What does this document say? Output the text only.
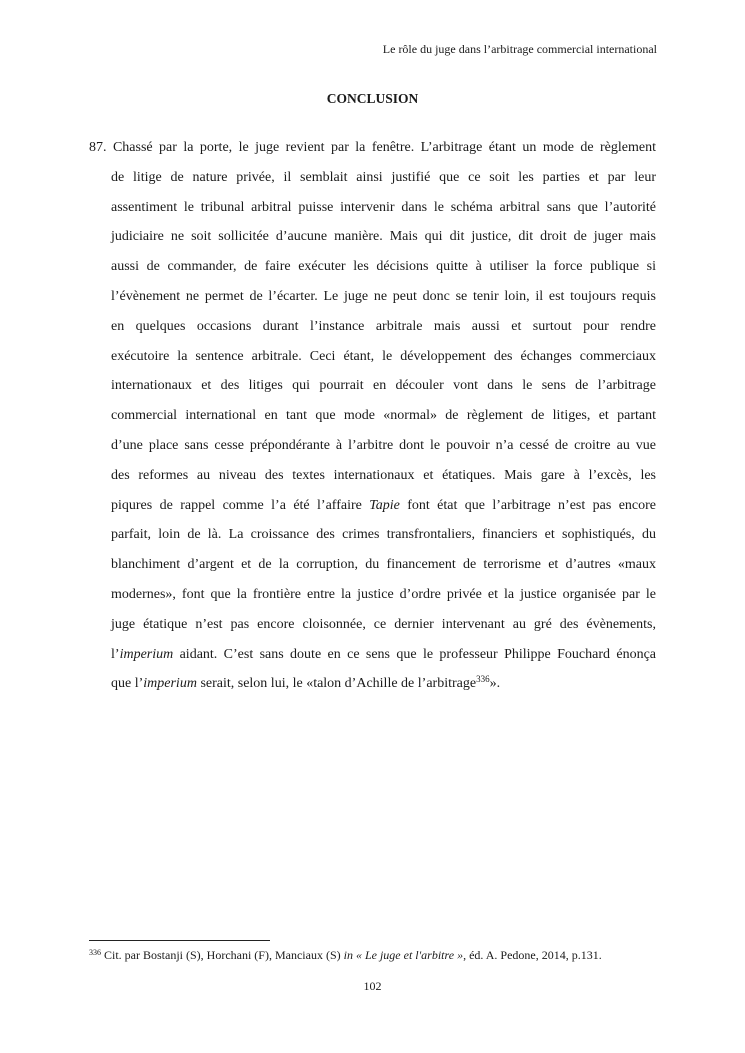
Le rôle du juge dans l’arbitrage commercial international
CONCLUSION
87. Chassé par la porte, le juge revient par la fenêtre. L’arbitrage étant un mode de règlement
de litige de nature privée, il semblait ainsi justifié que ce soit les parties et par leur
assentiment le tribunal arbitral puisse intervenir dans le schéma arbitral sans que l’autorité
judiciaire ne soit sollicitée d’aucune manière. Mais qui dit justice, dit droit de juger mais
aussi de commander, de faire exécuter les décisions quitte à utiliser la force publique si
l’évènement ne permet de l’écarter. Le juge ne peut donc se tenir loin, il est toujours requis
en quelques occasions durant l’instance arbitrale mais aussi et surtout pour rendre
exécutoire la sentence arbitrale. Ceci étant, le développement des échanges commerciaux
internationaux et des litiges qui pourrait en découler vont dans le sens de l’arbitrage
commercial international en tant que mode «normal» de règlement de litiges, et partant
d’une place sans cesse prépondérante à l’arbitre dont le pouvoir n’a cessé de croitre au vue
des reformes au niveau des textes internationaux et étatiques. Mais gare à l’excès, les
piqures de rappel comme l’a été l’affaire Tapie font état que l’arbitrage n’est pas encore
parfait, loin de là. La croissance des crimes transfrontaliers, financiers et sophistiqués, du
blanchiment d’argent et de la corruption, du financement de terrorisme et d’autres «maux
modernes», font que la frontière entre la justice d’ordre privée et la justice organisée par le
juge étatique n’est pas encore cloisonnée, ce dernier intervenant au gré des évènements,
l’imperium aidant. C’est sans doute en ce sens que le professeur Philippe Fouchard énonça
que l’imperium serait, selon lui, le «talon d’Achille de l’arbitrage$^{336}$».
$^{336}$ Cit. par Bostanji (S), Horchani (F), Manciaux (S) in « Le juge et l'arbitre », éd. A. Pedone, 2014, p.131.
102
